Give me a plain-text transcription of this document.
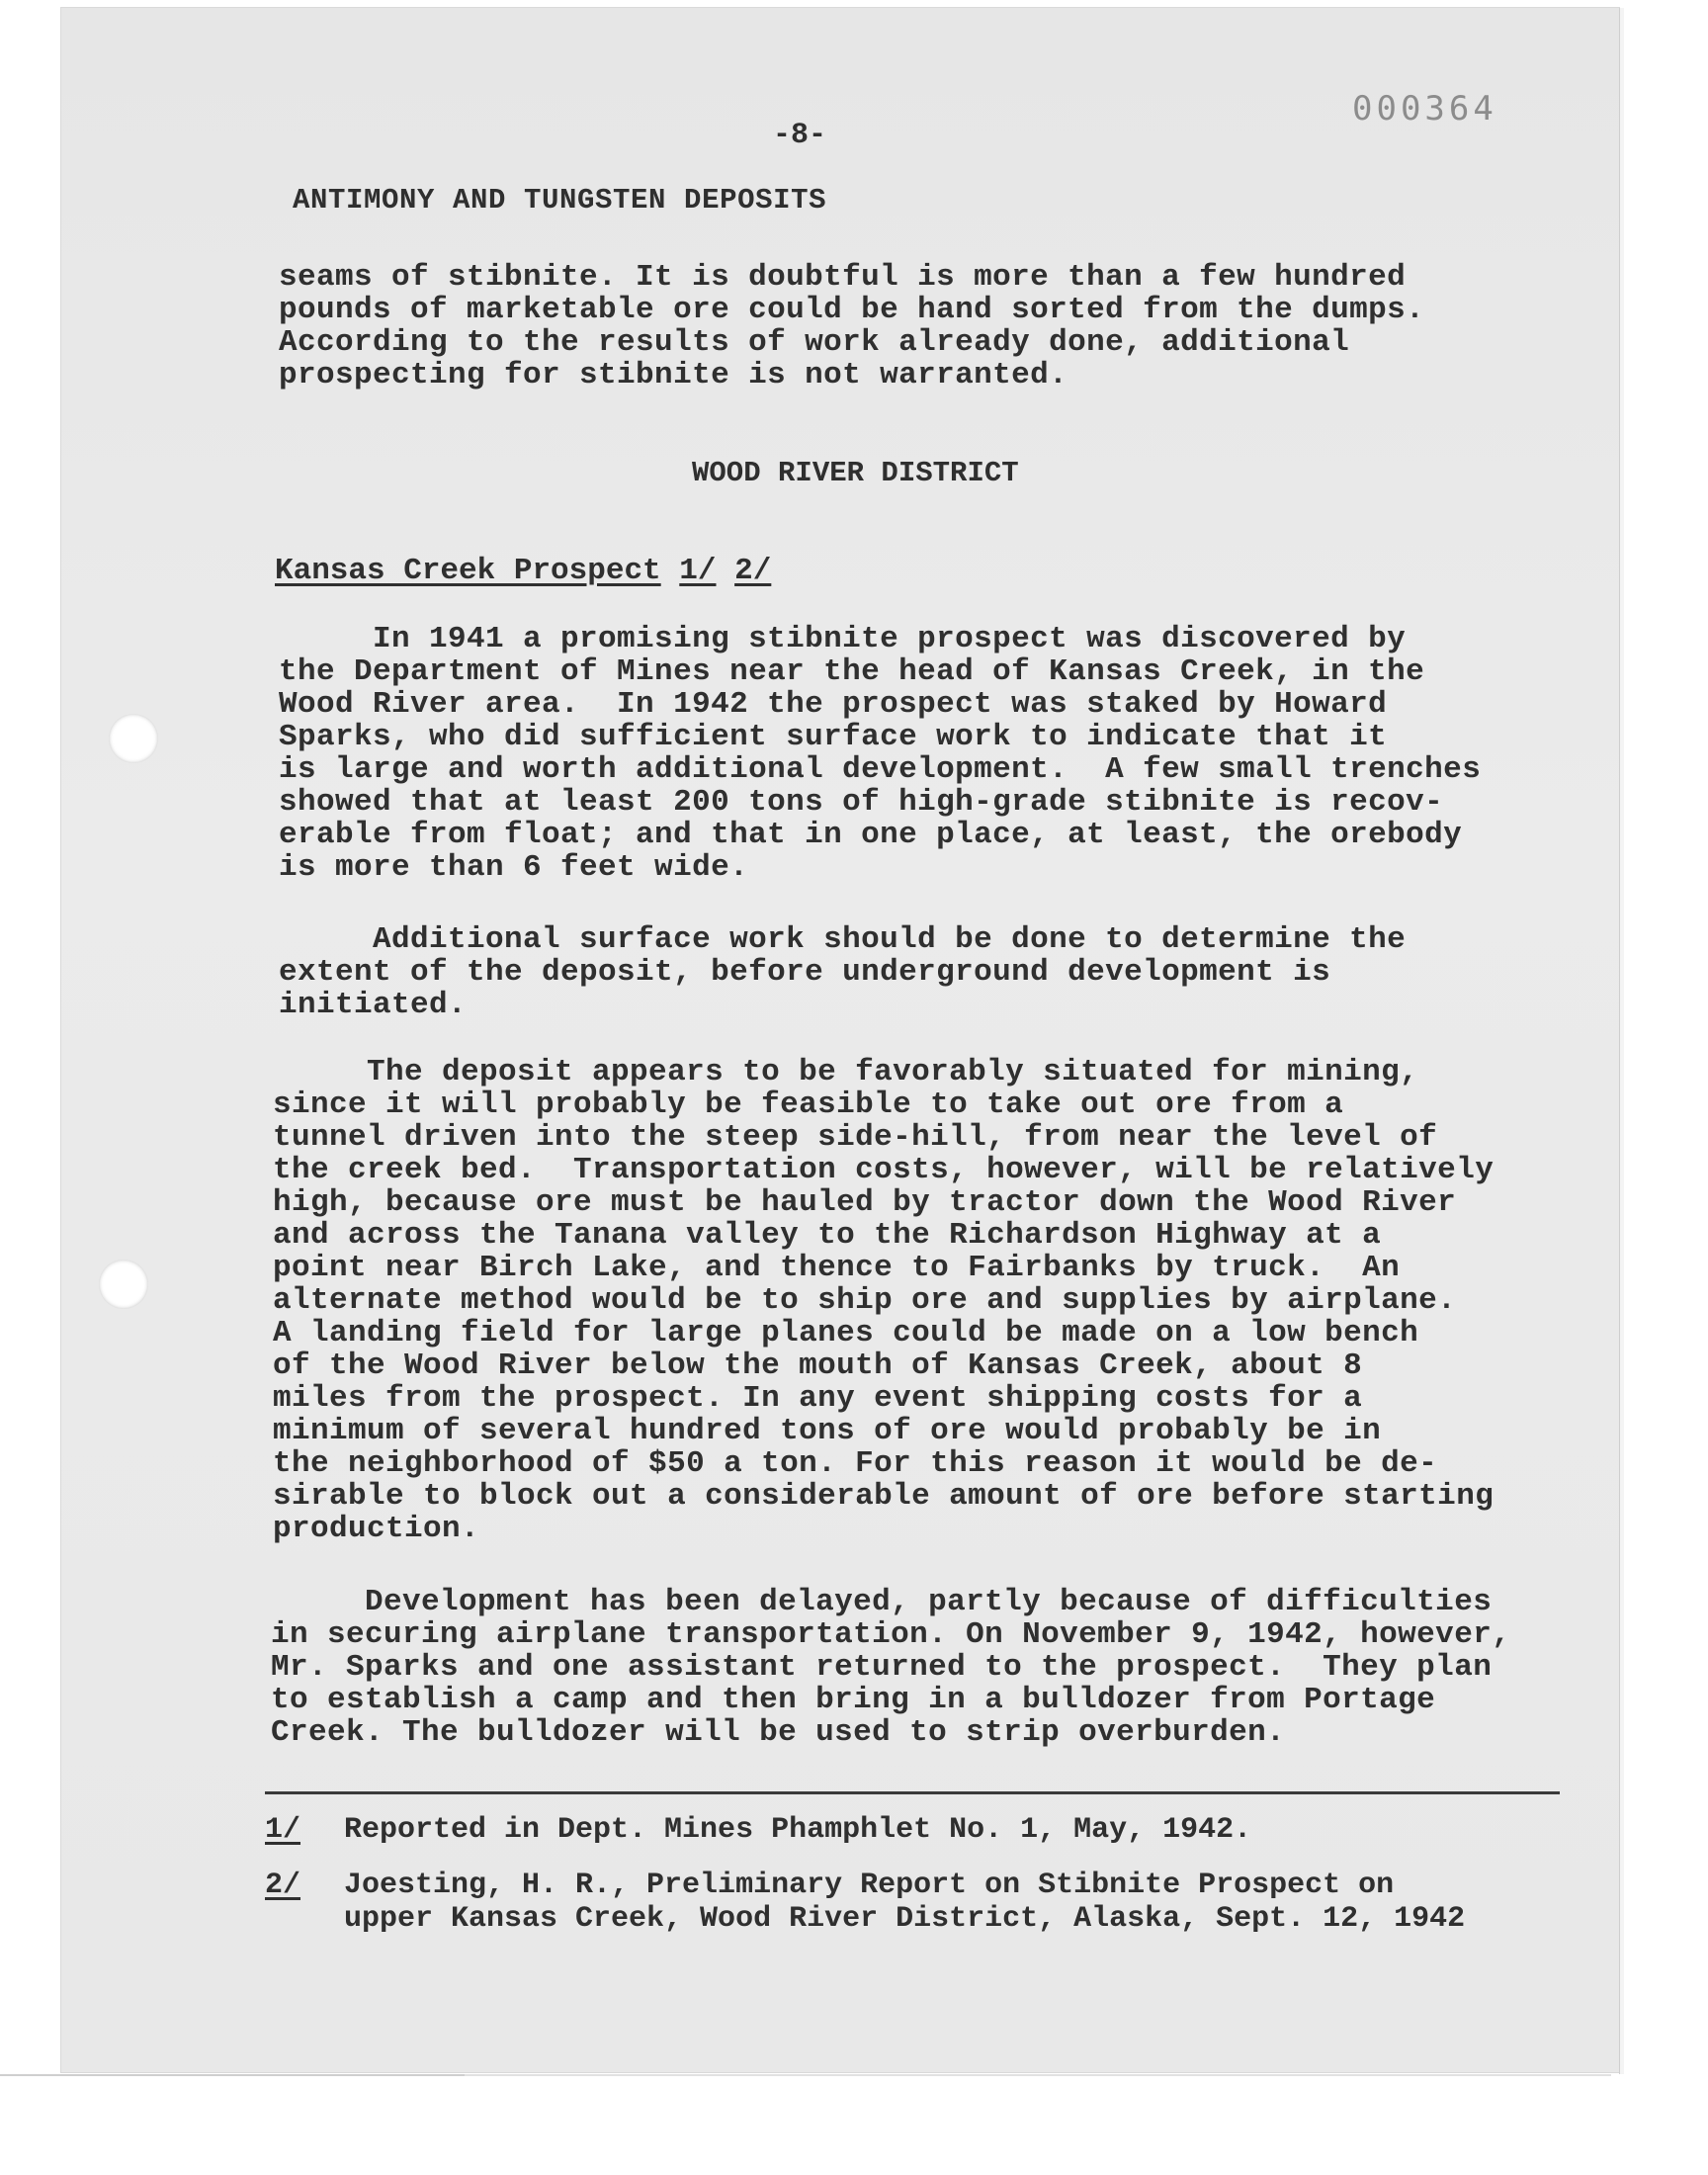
000364
-8-
ANTIMONY AND TUNGSTEN DEPOSITS
seams of stibnite. It is doubtful is more than a few hundred
pounds of marketable ore could be hand sorted from the dumps.
According to the results of work already done, additional
prospecting for stibnite is not warranted.
WOOD RIVER DISTRICT
Kansas Creek Prospect 1/ 2/
In 1941 a promising stibnite prospect was discovered by
the Department of Mines near the head of Kansas Creek, in the
Wood River area.  In 1942 the prospect was staked by Howard
Sparks, who did sufficient surface work to indicate that it
is large and worth additional development.  A few small trenches
showed that at least 200 tons of high-grade stibnite is recov-
erable from float; and that in one place, at least, the orebody
is more than 6 feet wide.
Additional surface work should be done to determine the
extent of the deposit, before underground development is
initiated.
The deposit appears to be favorably situated for mining,
since it will probably be feasible to take out ore from a
tunnel driven into the steep side-hill, from near the level of
the creek bed.  Transportation costs, however, will be relatively
high, because ore must be hauled by tractor down the Wood River
and across the Tanana valley to the Richardson Highway at a
point near Birch Lake, and thence to Fairbanks by truck.  An
alternate method would be to ship ore and supplies by airplane.
A landing field for large planes could be made on a low bench
of the Wood River below the mouth of Kansas Creek, about 8
miles from the prospect. In any event shipping costs for a
minimum of several hundred tons of ore would probably be in
the neighborhood of $50 a ton. For this reason it would be de-
sirable to block out a considerable amount of ore before starting
production.
Development has been delayed, partly because of difficulties
in securing airplane transportation. On November 9, 1942, however,
Mr. Sparks and one assistant returned to the prospect.  They plan
to establish a camp and then bring in a bulldozer from Portage
Creek. The bulldozer will be used to strip overburden.

1/

Reported in Dept. Mines Phamphlet No. 1, May, 1942.

2/

Joesting, H. R., Preliminary Report on Stibnite Prospect on
upper Kansas Creek, Wood River District, Alaska, Sept. 12, 1942
